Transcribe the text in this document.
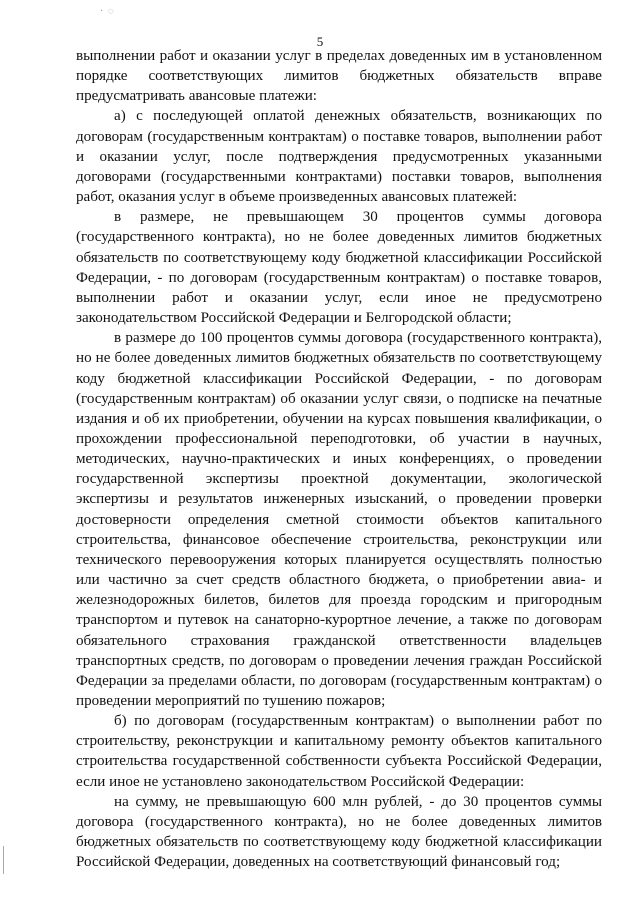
· ◌
5

выполнении работ и оказании услуг в пределах доведенных им в установленном порядке соответствующих лимитов бюджетных обязательств вправе предусматривать авансовые платежи:

а) с последующей оплатой денежных обязательств, возникающих по договорам (государственным контрактам) о поставке товаров, выполнении работ и оказании услуг, после подтверждения предусмотренных указанными договорами (государственными контрактами) поставки товаров, выполнения работ, оказания услуг в объеме произведенных авансовых платежей:

в размере, не превышающем 30 процентов суммы договора (государственного контракта), но не более доведенных лимитов бюджетных обязательств по соответствующему коду бюджетной классификации Российской Федерации, - по договорам (государственным контрактам) о поставке товаров, выполнении работ и оказании услуг, если иное не предусмотрено законодательством Российской Федерации и Белгородской области;

в размере до 100 процентов суммы договора (государственного контракта), но не более доведенных лимитов бюджетных обязательств по соответствующему коду бюджетной классификации Российской Федерации, - по договорам (государственным контрактам) об оказании услуг связи, о подписке на печатные издания и об их приобретении, обучении на курсах повышения квалификации, о прохождении профессиональной переподготовки, об участии в научных, методических, научно-практических и иных конференциях, о проведении государственной экспертизы проектной документации, экологической экспертизы и результатов инженерных изысканий, о проведении проверки достоверности определения сметной стоимости объектов капитального строительства, финансовое обеспечение строительства, реконструкции или технического перевооружения которых планируется осуществлять полностью или частично за счет средств областного бюджета, о приобретении авиа- и железнодорожных билетов, билетов для проезда городским и пригородным транспортом и путевок на санаторно-курортное лечение, а также по договорам обязательного страхования гражданской ответственности владельцев транспортных средств, по договорам о проведении лечения граждан Российской Федерации за пределами области, по договорам (государственным контрактам) о проведении мероприятий по тушению пожаров;

б) по договорам (государственным контрактам) о выполнении работ по строительству, реконструкции и капитальному ремонту объектов капитального строительства государственной собственности субъекта Российской Федерации, если иное не установлено законодательством Российской Федерации:

на сумму, не превышающую 600 млн рублей, - до 30 процентов суммы договора (государственного контракта), но не более доведенных лимитов бюджетных обязательств по соответствующему коду бюджетной классификации Российской Федерации, доведенных на соответствующий финансовый год;
